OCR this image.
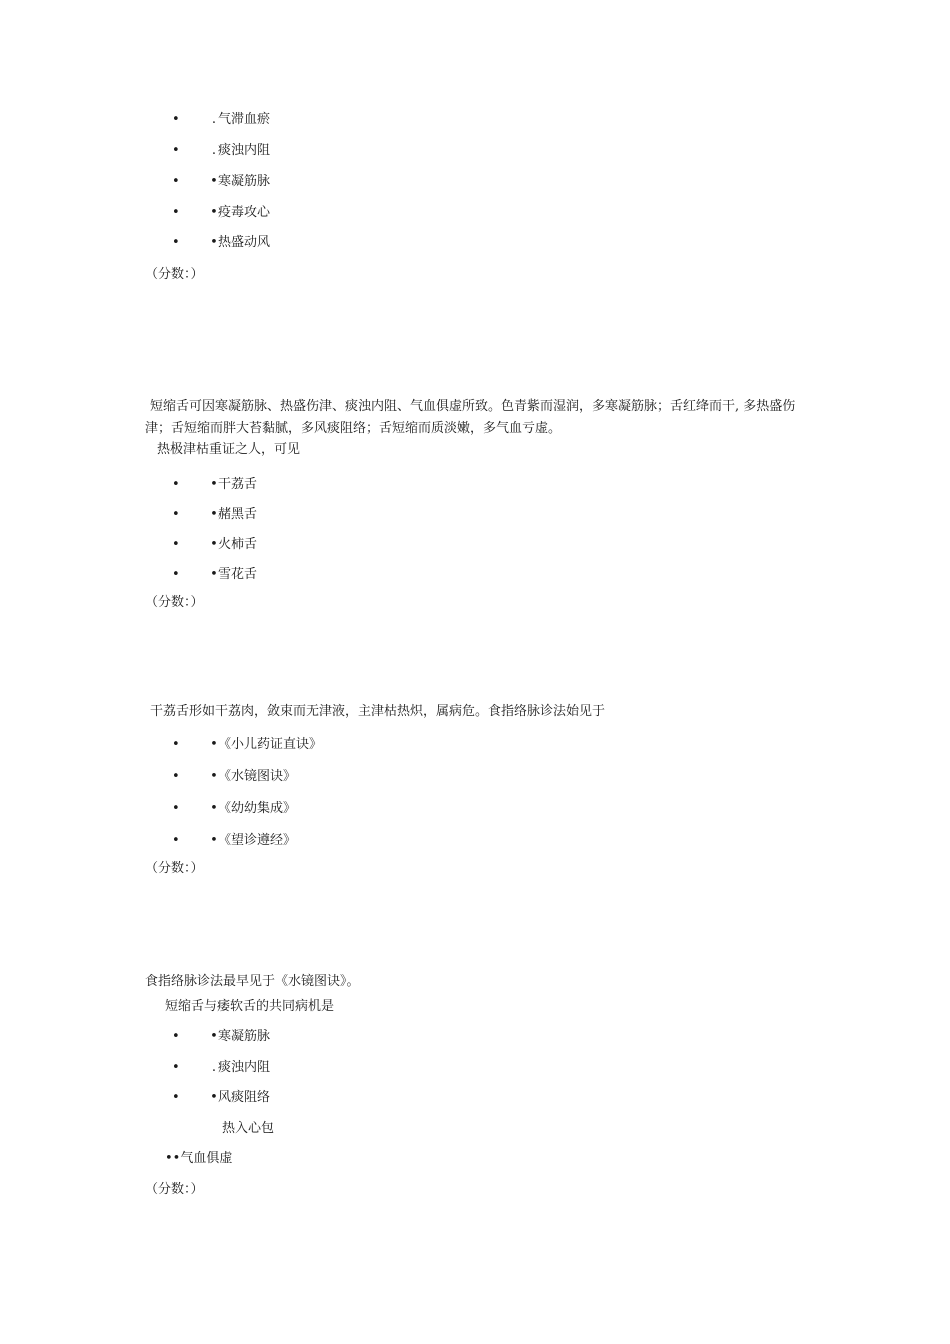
• . 气滞血瘀
• . 痰浊内阻
• •寒凝筋脉
• •疫毒攻心
• •热盛动风
（分数：）
短缩舌可因寒凝筋脉、热盛伤津、痰浊内阻、气血俱虚所致。色青紫而湿润，多寒凝筋脉；舌红绛而干, 多热盛伤津；舌短缩而胖大苔黏腻，多风痰阻络；舌短缩而质淡嫩，多气血亏虚。
热极津枯重证之人，可见
• •干荔舌
• •赭黑舌
• •火柿舌
• •雪花舌
（分数：）
干荔舌形如干荔肉，敛束而无津液，主津枯热炽，属病危。食指络脉诊法始见于
• •《小儿药证直诀》
• •《水镜图诀》
• •《幼幼集成》
• •《望诊遵经》
（分数：）
食指络脉诊法最早见于《水镜图诀》。
短缩舌与痿软舌的共同病机是
• •寒凝筋脉
• . 痰浊内阻
• •风痰阻络
热入心包
••气血俱虚
（分数：）
